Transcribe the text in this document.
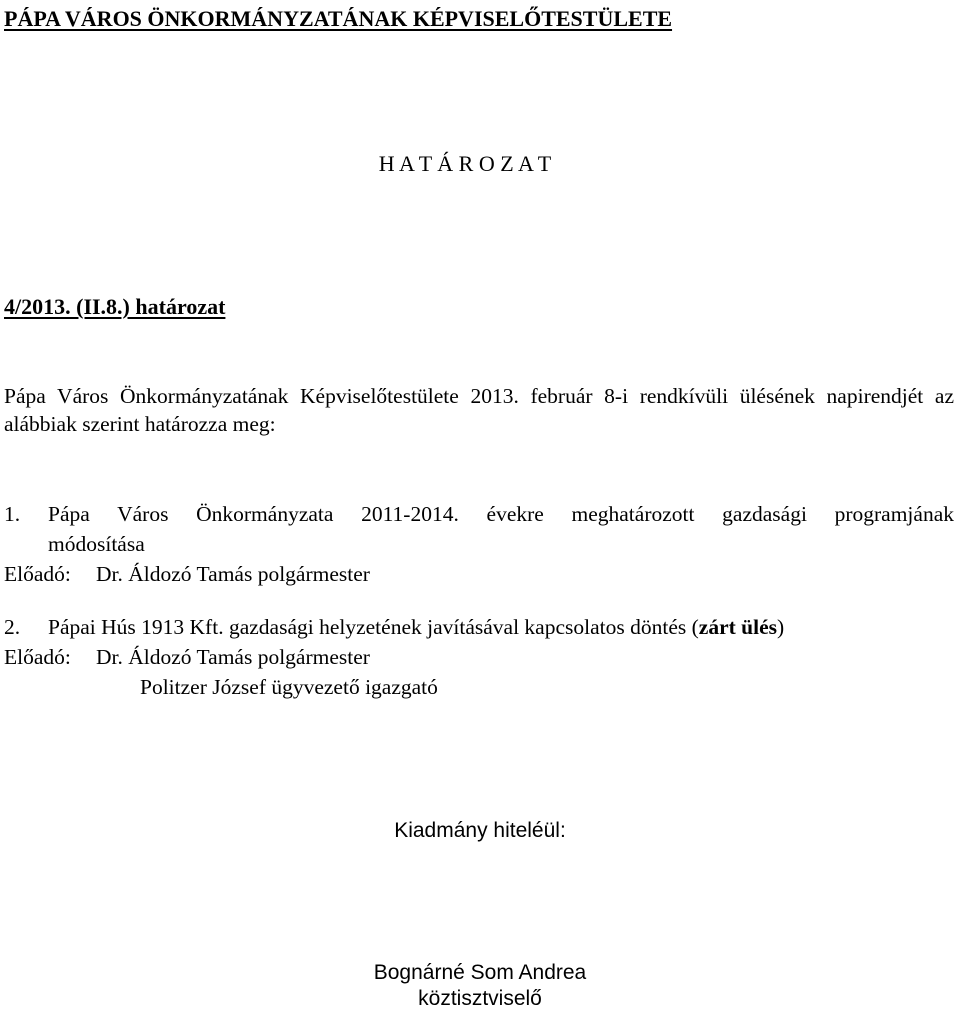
PÁPA VÁROS ÖNKORMÁNYZATÁNAK KÉPVISELŐTESTÜLETE
H A T Á R O Z A T
4/2013. (II.8.) határozat
Pápa Város Önkormányzatának Képviselőtestülete 2013. február 8-i rendkívüli ülésének napirendjét az alábbiak szerint határozza meg:
1.	Pápa Város Önkormányzata 2011-2014. évekre meghatározott gazdasági programjának
módosítása
Előadó: Dr. Áldozó Tamás polgármester
2.	Pápai Hús 1913 Kft. gazdasági helyzetének javításával kapcsolatos döntés (zárt ülés)
Előadó: Dr. Áldozó Tamás polgármester
Politzer József ügyvezető igazgató
Kiadmány hiteléül:
Bognárné Som Andrea
köztisztviselő
